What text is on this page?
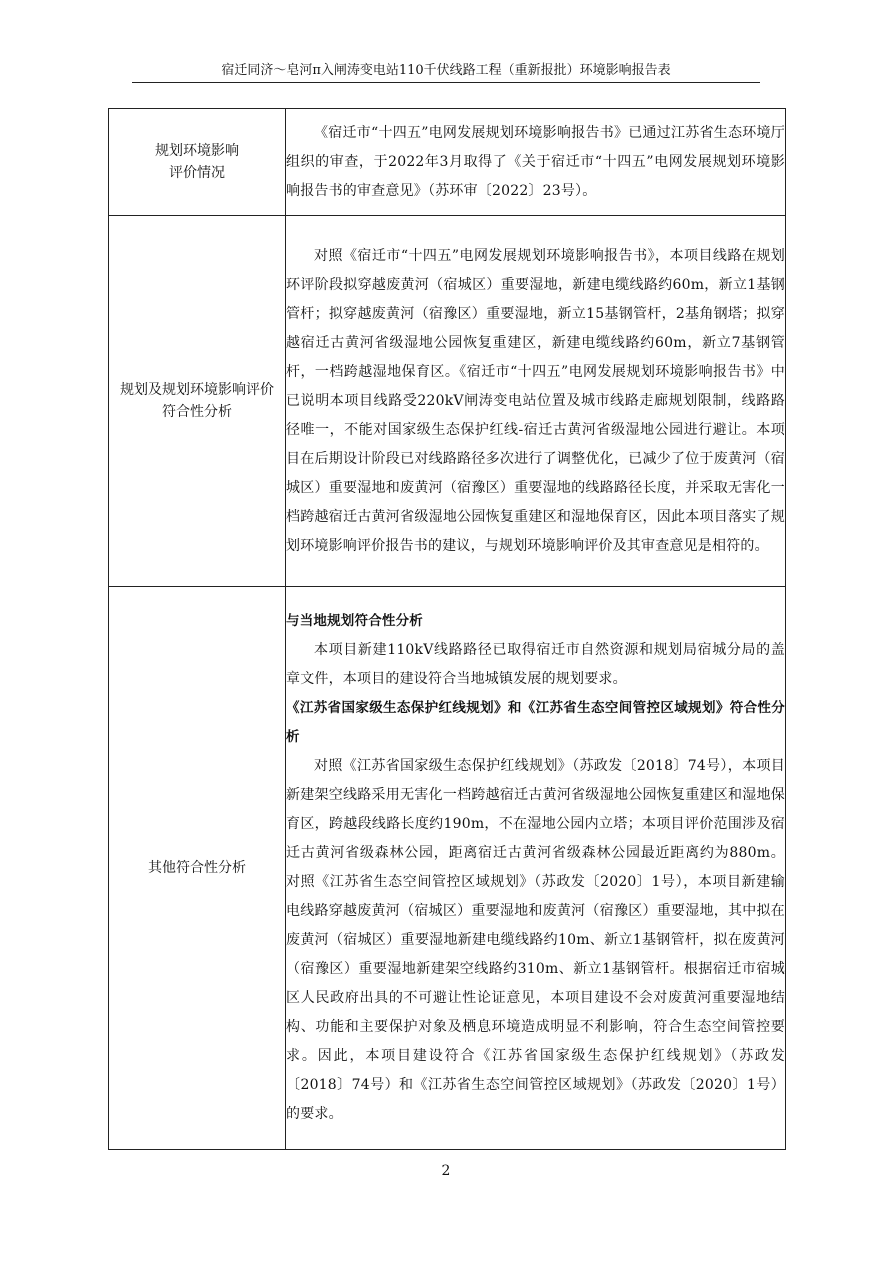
宿迁同济～皂河π入闸涛变电站110千伏线路工程（重新报批）环境影响报告表
规划环境影响
评价情况	《宿迁市“十四五”电网发展规划环境影响报告书》已通过江苏省生态环境厅组织的审查，于2022年3月取得了《关于宿迁市“十四五”电网发展规划环境影响报告书的审查意见》（苏环审〔2022〕23号）。

规划及规划环境影响评价
符合性分析	对照《宿迁市“十四五”电网发展规划环境影响报告书》，本项目线路在规划环评阶段拟穿越废黄河（宿城区）重要湿地，新建电缆线路约60m，新立1基钢管杆；拟穿越废黄河（宿豫区）重要湿地，新立15基钢管杆，2基角钢塔；拟穿越宿迁古黄河省级湿地公园恢复重建区，新建电缆线路约60m，新立7基钢管杆，一档跨越湿地保育区。《宿迁市“十四五”电网发展规划环境影响报告书》中已说明本项目线路受220kV闸涛变电站位置及城市线路走廊规划限制，线路路径唯一，不能对国家级生态保护红线-宿迁古黄河省级湿地公园进行避让。本项目在后期设计阶段已对线路路径多次进行了调整优化，已减少了位于废黄河（宿城区）重要湿地和废黄河（宿豫区）重要湿地的线路路径长度，并采取无害化一档跨越宿迁古黄河省级湿地公园恢复重建区和湿地保育区，因此本项目落实了规划环境影响评价报告书的建议，与规划环境影响评价及其审查意见是相符的。

其他符合性分析	与当地规划符合性分析

本项目新建110kV线路路径已取得宿迁市自然资源和规划局宿城分局的盖章文件，本项目的建设符合当地城镇发展的规划要求。

《江苏省国家级生态保护红线规划》和《江苏省生态空间管控区域规划》符合性分析

对照《江苏省国家级生态保护红线规划》（苏政发〔2018〕74号），本项目新建架空线路采用无害化一档跨越宿迁古黄河省级湿地公园恢复重建区和湿地保育区，跨越段线路长度约190m，不在湿地公园内立塔；本项目评价范围涉及宿迁古黄河省级森林公园，距离宿迁古黄河省级森林公园最近距离约为880m。 对照《江苏省生态空间管控区域规划》（苏政发〔2020〕1号），本项目新建输电线路穿越废黄河（宿城区）重要湿地和废黄河（宿豫区）重要湿地，其中拟在废黄河（宿城区）重要湿地新建电缆线路约10m、新立1基钢管杆，拟在废黄河（宿豫区）重要湿地新建架空线路约310m、新立1基钢管杆。根据宿迁市宿城区人民政府出具的不可避让性论证意见，本项目建设不会对废黄河重要湿地结构、功能和主要保护对象及栖息环境造成明显不利影响，符合生态空间管控要求。因此，本项目建设符合《江苏省国家级生态保护红线规划》（苏政发〔2018〕74号）和《江苏省生态空间管控区域规划》（苏政发〔2020〕1号）的要求。

2
